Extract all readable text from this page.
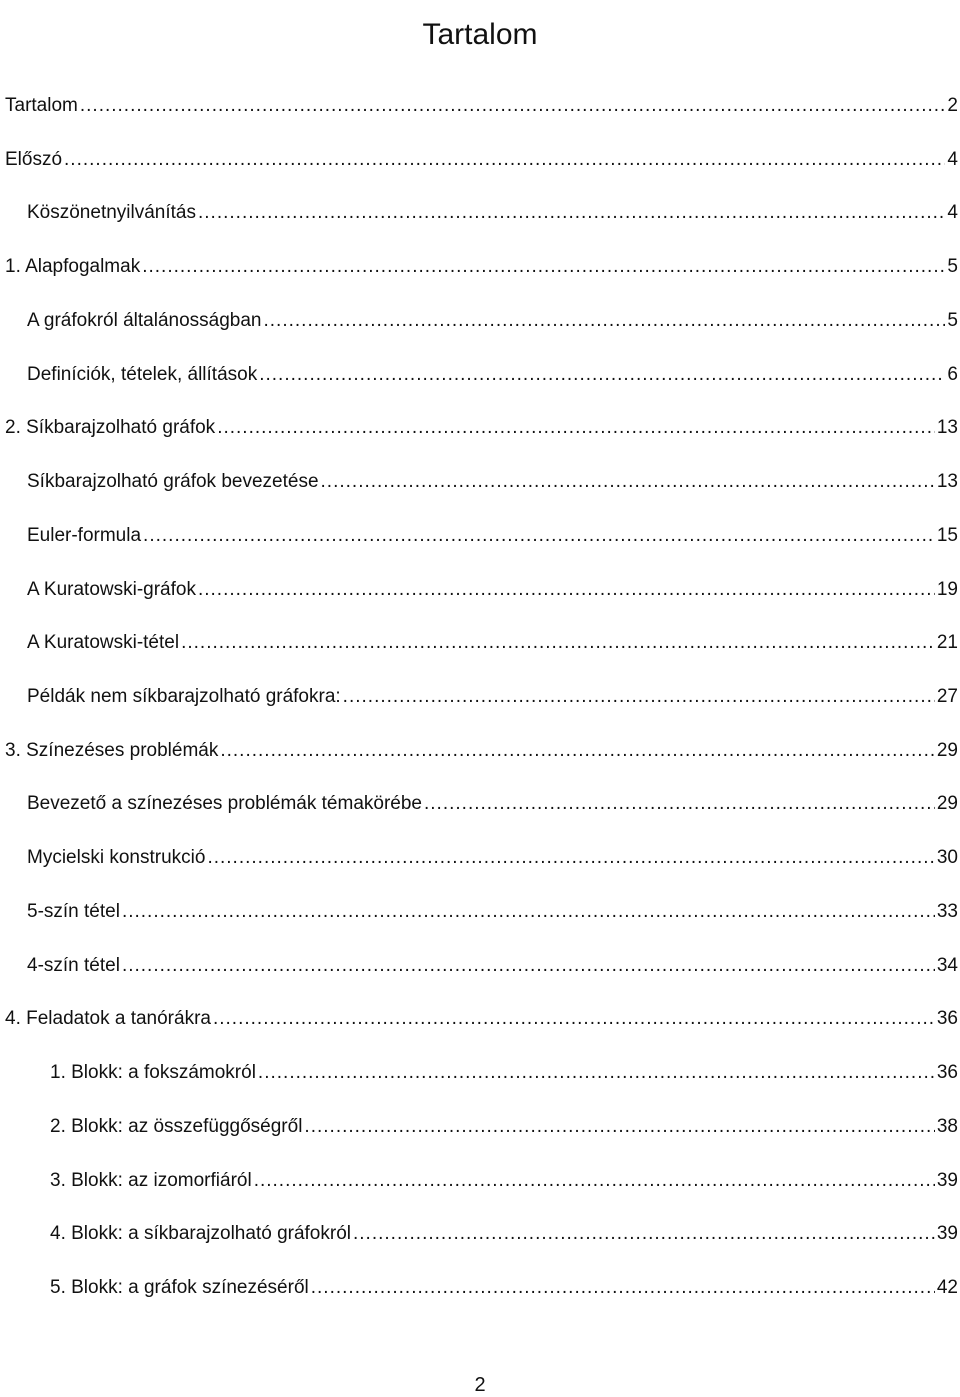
Tartalom
Tartalom .....	2
Előszó .....	4
Köszönetnyilvánítás .....	4
1. Alapfogalmak .....	5
A gráfokról általánosságban .....	5
Definíciók, tételek, állítások .....	6
2. Síkbarajzolható gráfok .....	13
Síkbarajzolható gráfok bevezetése .....	13
Euler-formula .....	15
A Kuratowski-gráfok .....	19
A Kuratowski-tétel .....	21
Példák nem síkbarajzolható gráfokra: .....	27
3. Színezéses problémák .....	29
Bevezető a színezéses problémák témakörébe .....	29
Mycielski konstrukció .....	30
5-szín tétel .....	33
4-szín tétel .....	34
4. Feladatok a tanórákra .....	36
1. Blokk: a fokszámokról .....	36
2. Blokk: az összefüggőségről .....	38
3. Blokk: az izomorfiáról .....	39
4. Blokk: a síkbarajzolható gráfokról .....	39
5. Blokk: a gráfok színezéséről .....	42
2
